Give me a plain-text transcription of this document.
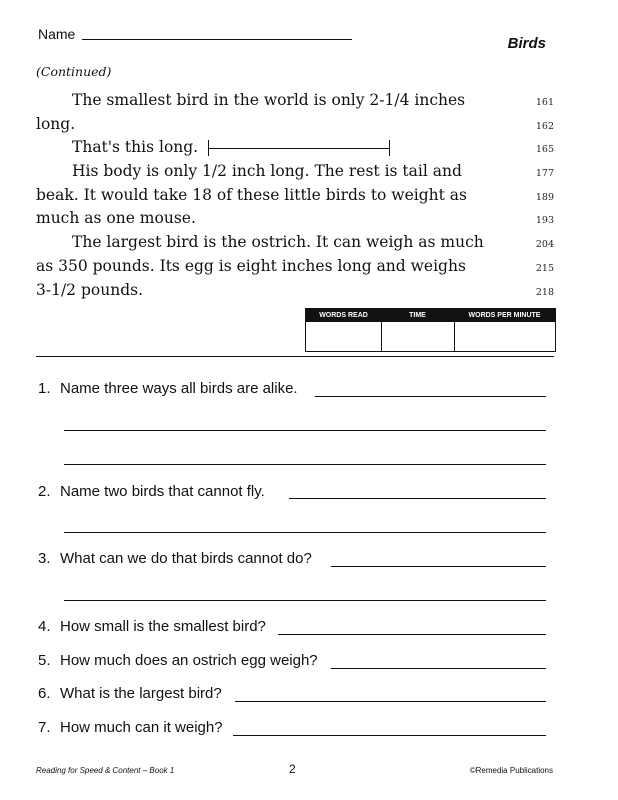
Name
Birds
(Continued)
The smallest bird in the world is only 2-1/4 inches
long.
That's this long.
His body is only 1/2 inch long. The rest is tail and
beak. It would take 18 of these little birds to weight as
much as one mouse.
The largest bird is the ostrich. It can weigh as much
as 350 pounds. Its egg is eight inches long and weighs
3-1/2 pounds.
161
162
165
177
189
193
204
215
218
WORDS READ	TIME	WORDS PER MINUTE
1. Name three ways all birds are alike.
2. Name two birds that cannot fly.
3. What can we do that birds cannot do?
4. How small is the smallest bird?
5. How much does an ostrich egg weigh?
6. What is the largest bird?
7. How much can it weigh?
Reading for Speed & Content – Book 1	2	©Remedia Publications
